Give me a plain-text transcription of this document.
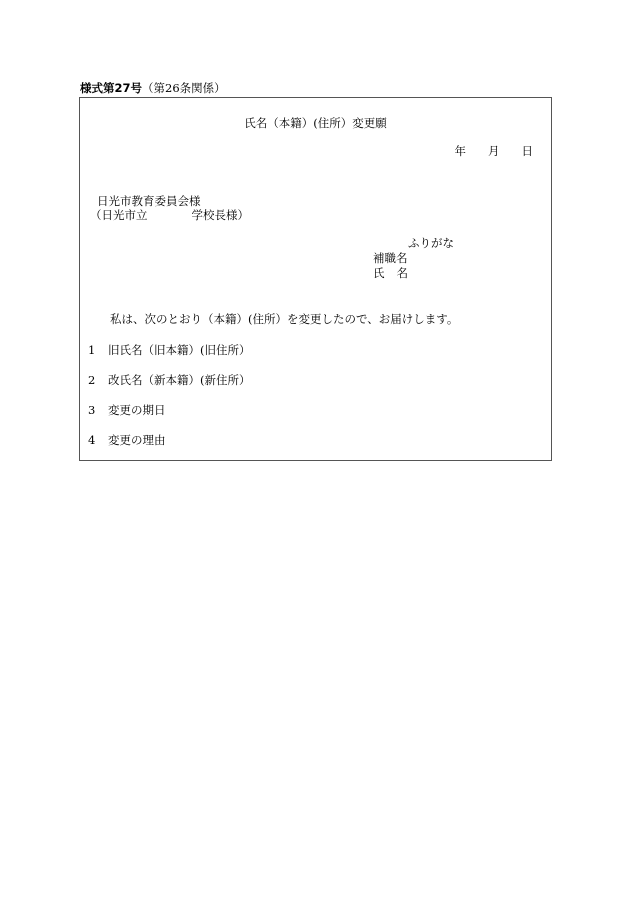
様式第27号（第26条関係）
氏名（本籍）(住所）変更願
年 月 日
日光市教育委員会様
（日光市立	学校長様）
ふりがな
補職名
氏 名
私は、次のとおり（本籍）(住所）を変更したので、お届けします。
1 旧氏名（旧本籍）(旧住所）
2 改氏名（新本籍）(新住所）
3 変更の期日
4 変更の理由
